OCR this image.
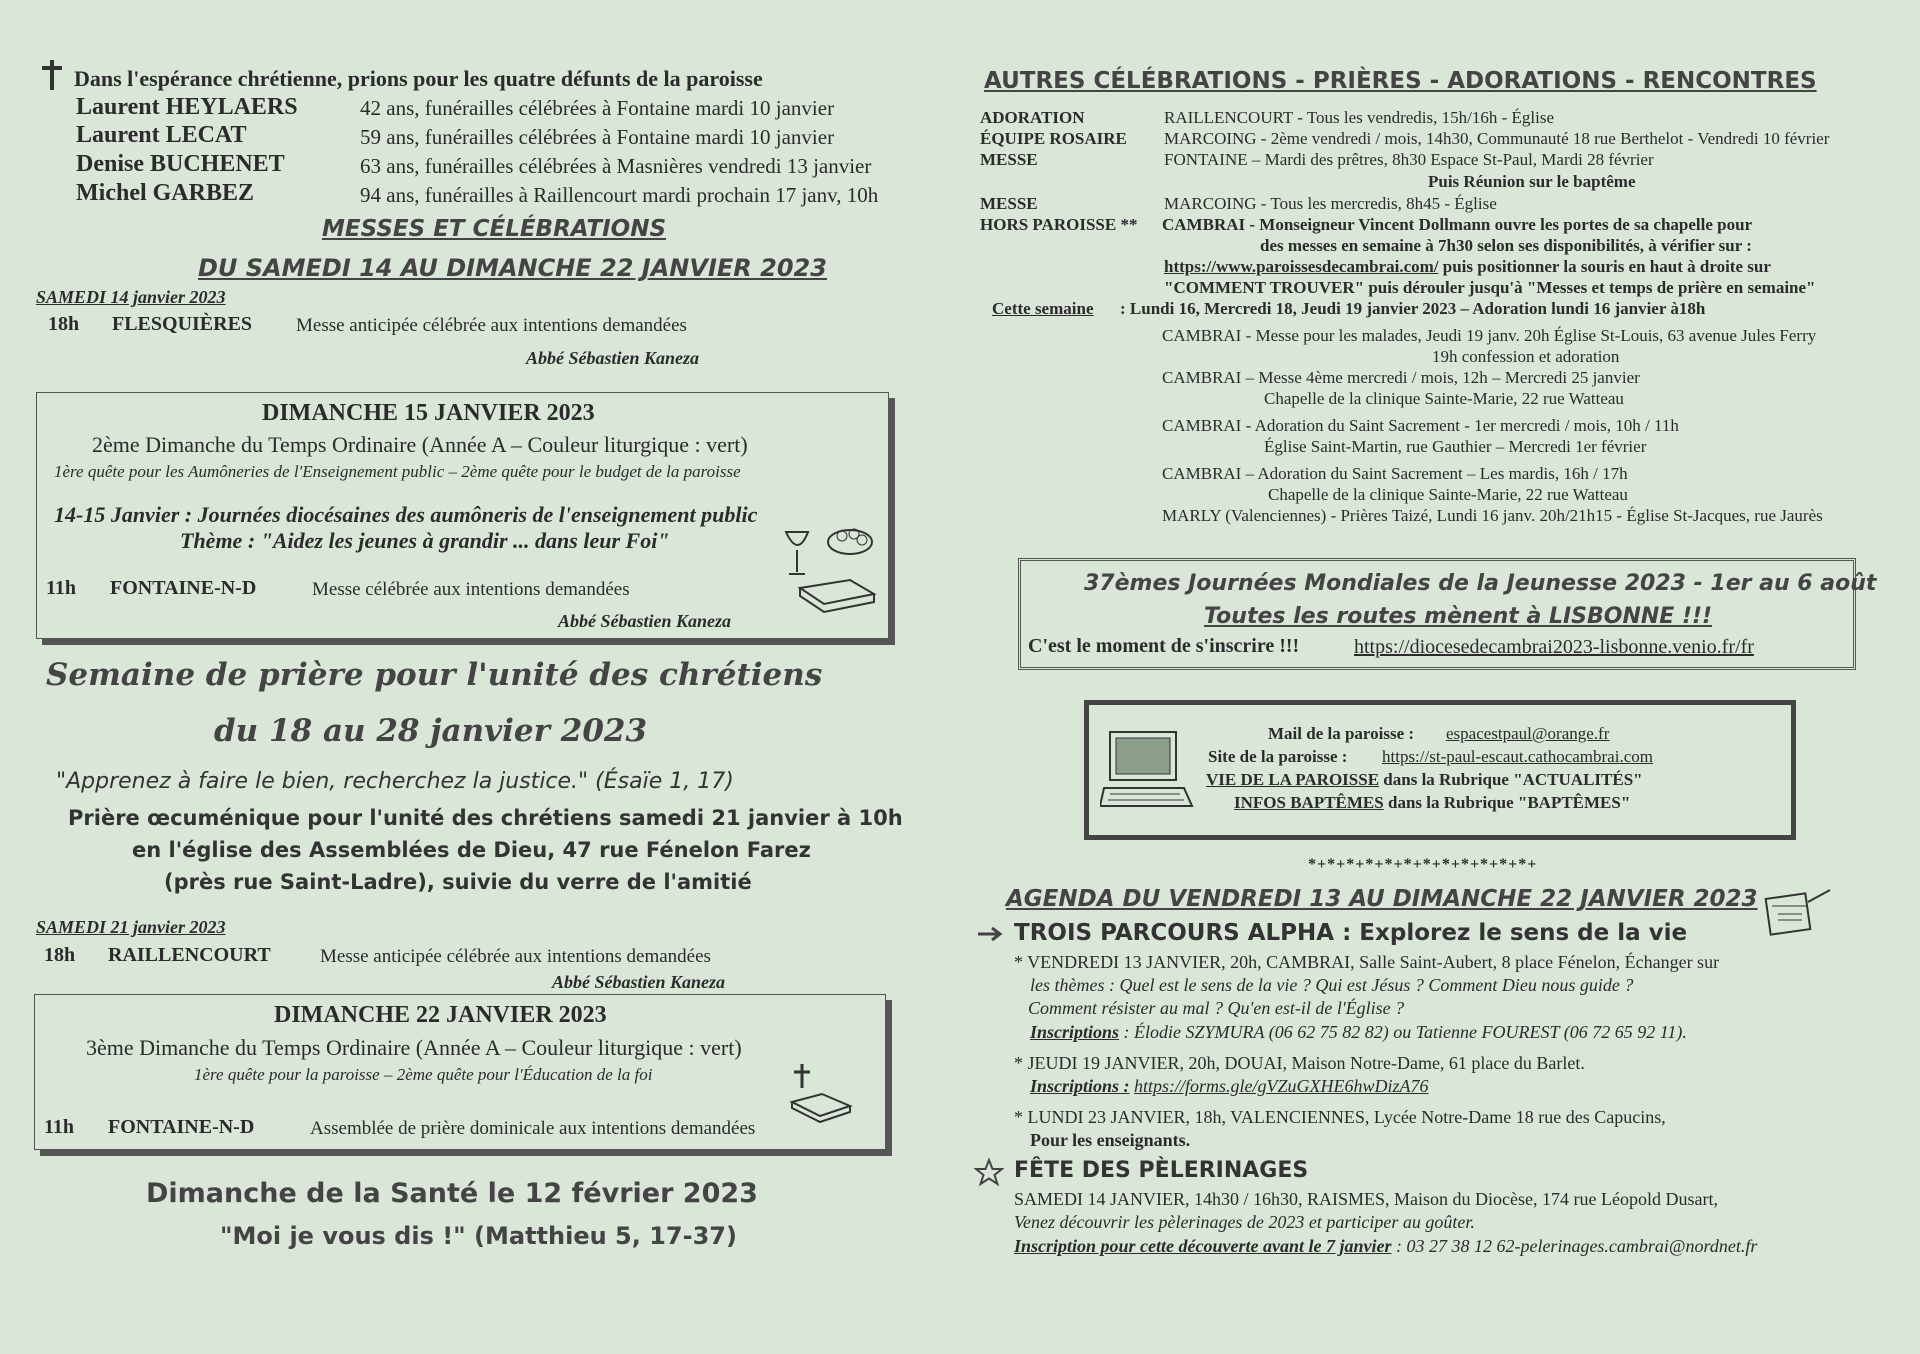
Dans l'espérance chrétienne, prions pour les quatre défunts de la paroisse
Laurent HEYLAERS	42 ans, funérailles célébrées à Fontaine mardi 10 janvier
Laurent LECAT	59 ans, funérailles célébrées à Fontaine mardi 10 janvier
Denise BUCHENET	63 ans, funérailles célébrées à Masnières vendredi 13 janvier
Michel GARBEZ	94 ans, funérailles à Raillencourt mardi prochain 17 janv, 10h
MESSES ET CÉLÉBRATIONS
DU SAMEDI 14 AU DIMANCHE 22 JANVIER 2023
SAMEDI 14 janvier 2023
18h FLESQUIÈRES Messe anticipée célébrée aux intentions demandées
Abbé Sébastien Kaneza
DIMANCHE 15 JANVIER 2023
2ème Dimanche du Temps Ordinaire (Année A – Couleur liturgique : vert)
1ère quête pour les Aumôneries de l'Enseignement public – 2ème quête pour le budget de la paroisse
14-15 Janvier : Journées diocésaines des aumôneris de l'enseignement public
Thème : "Aidez les jeunes à grandir ... dans leur Foi"
11h FONTAINE-N-D	Messe célébrée aux intentions demandées
Abbé Sébastien Kaneza
Semaine de prière pour l'unité des chrétiens
du 18 au 28 janvier 2023
"Apprenez à faire le bien, recherchez la justice." (Ésaïe 1, 17)
Prière œcuménique pour l'unité des chrétiens samedi 21 janvier à 10h
en l'église des Assemblées de Dieu, 47 rue Fénelon Farez
(près rue Saint-Ladre), suivie du verre de l'amitié
SAMEDI 21 janvier 2023
18h RAILLENCOURT	Messe anticipée célébrée aux intentions demandées
Abbé Sébastien Kaneza
DIMANCHE 22 JANVIER 2023
3ème Dimanche du Temps Ordinaire (Année A – Couleur liturgique : vert)
1ère quête pour la paroisse – 2ème quête pour l'Éducation de la foi
11h FONTAINE-N-D	Assemblée de prière dominicale aux intentions demandées
Dimanche de la Santé le 12 février 2023
"Moi je vous dis !" (Matthieu 5, 17-37)
AUTRES CÉLÉBRATIONS - PRIÈRES - ADORATIONS - RENCONTRES
ADORATION	RAILLENCOURT - Tous les vendredis, 15h/16h - Église
ÉQUIPE ROSAIRE MARCOING - 2ème vendredi / mois, 14h30, Communauté 18 rue Berthelot - Vendredi 10 février
MESSE	FONTAINE – Mardi des prêtres, 8h30 Espace St-Paul, Mardi 28 février
Puis Réunion sur le baptême
MESSE	MARCOING - Tous les mercredis, 8h45 - Église
HORS PAROISSE ** CAMBRAI - Monseigneur Vincent Dollmann ouvre les portes de sa chapelle pour
des messes en semaine à 7h30 selon ses disponibilités, à vérifier sur :
https://www.paroissesdecambrai.com/ puis positionner la souris en haut à droite sur
"COMMENT TROUVER" puis dérouler jusqu'à "Messes et temps de prière en semaine"
Cette semaine : Lundi 16, Mercredi 18, Jeudi 19 janvier 2023 – Adoration lundi 16 janvier à18h
CAMBRAI - Messe pour les malades, Jeudi 19 janv. 20h Église St-Louis, 63 avenue Jules Ferry
19h confession et adoration
CAMBRAI – Messe 4ème mercredi / mois, 12h – Mercredi 25 janvier
Chapelle de la clinique Sainte-Marie, 22 rue Watteau
CAMBRAI - Adoration du Saint Sacrement - 1er mercredi / mois, 10h / 11h
Église Saint-Martin, rue Gauthier – Mercredi 1er février
CAMBRAI – Adoration du Saint Sacrement – Les mardis, 16h / 17h
Chapelle de la clinique Sainte-Marie, 22 rue Watteau
MARLY (Valenciennes) - Prières Taizé, Lundi 16 janv. 20h/21h15 - Église St-Jacques, rue Jaurès
37èmes Journées Mondiales de la Jeunesse 2023 - 1er au 6 août
Toutes les routes mènent à LISBONNE !!!
C'est le moment de s'inscrire !!!	https://diocesedecambrai2023-lisbonne.venio.fr/fr
Mail de la paroisse : espacestpaul@orange.fr
Site de la paroisse : https://st-paul-escaut.cathocambrai.com
VIE DE LA PAROISSE dans la Rubrique "ACTUALITÉS"
INFOS BAPTÊMES dans la Rubrique "BAPTÊMES"
*+*+*+*+*+*+*+*+*+*+*+*+
AGENDA DU VENDREDI 13 AU DIMANCHE 22 JANVIER 2023
TROIS PARCOURS ALPHA : Explorez le sens de la vie
* VENDREDI 13 JANVIER, 20h, CAMBRAI, Salle Saint-Aubert, 8 place Fénelon, Échanger sur
les thèmes : Quel est le sens de la vie ? Qui est Jésus ? Comment Dieu nous guide ?
Comment résister au mal ? Qu'en est-il de l'Église ?
Inscriptions : Élodie SZYMURA (06 62 75 82 82) ou Tatienne FOUREST (06 72 65 92 11).
* JEUDI 19 JANVIER, 20h, DOUAI, Maison Notre-Dame, 61 place du Barlet.
Inscriptions : https://forms.gle/gVZuGXHE6hwDizA76
* LUNDI 23 JANVIER, 18h, VALENCIENNES, Lycée Notre-Dame 18 rue des Capucins,
Pour les enseignants.
FÊTE DES PÈLERINAGES
SAMEDI 14 JANVIER, 14h30 / 16h30, RAISMES, Maison du Diocèse, 174 rue Léopold Dusart,
Venez découvrir les pèlerinages de 2023 et participer au goûter.
Inscription pour cette découverte avant le 7 janvier : 03 27 38 12 62-pelerinages.cambrai@nordnet.fr
